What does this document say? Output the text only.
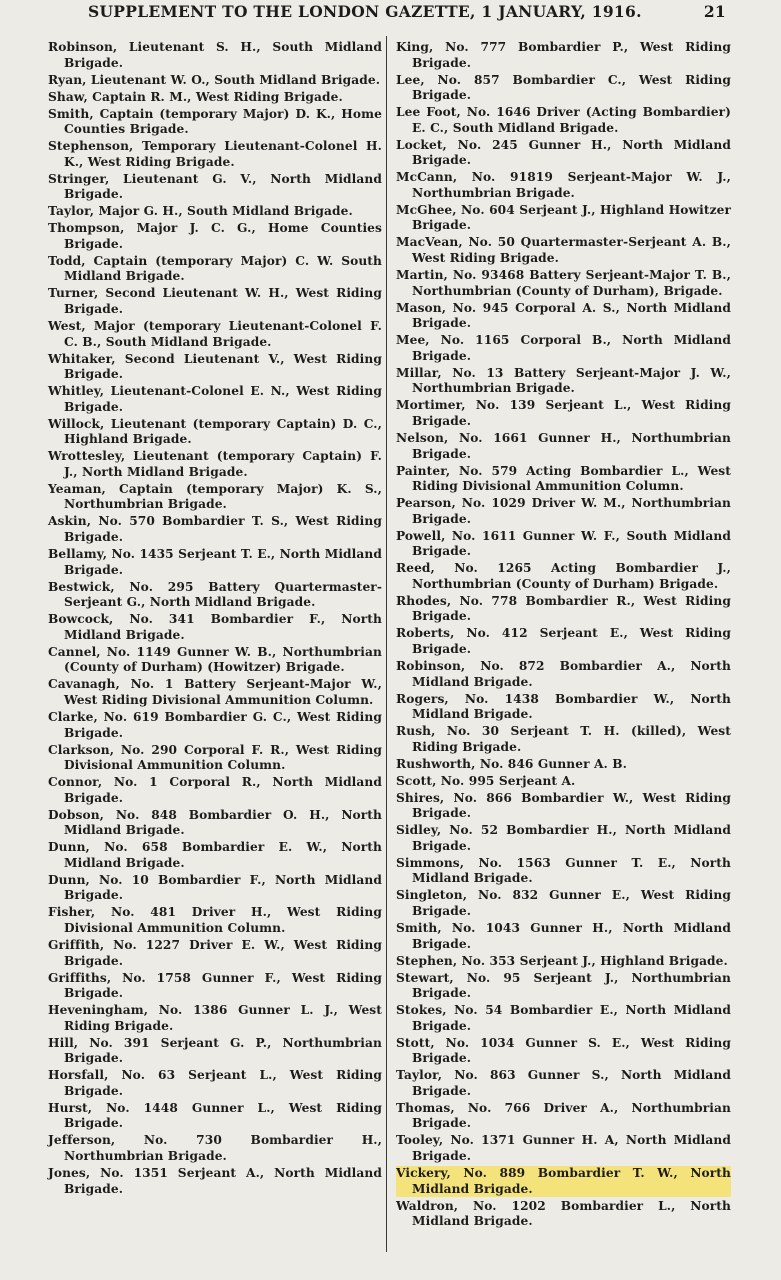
SUPPLEMENT TO THE LONDON GAZETTE, 1 JANUARY, 1916.	21
Robinson, Lieutenant S. H., South Midland Brigade.
Ryan, Lieutenant W. O., South Midland Brigade.
Shaw, Captain R. M., West Riding Brigade.
Smith, Captain (temporary Major) D. K., Home Counties Brigade.
Stephenson, Temporary Lieutenant-Colonel H. K., West Riding Brigade.
Stringer, Lieutenant G. V., North Midland Brigade.
Taylor, Major G. H., South Midland Brigade.
Thompson, Major J. C. G., Home Counties Brigade.
Todd, Captain (temporary Major) C. W. South Midland Brigade.
Turner, Second Lieutenant W. H., West Riding Brigade.
West, Major (temporary Lieutenant-Colonel F. C. B., South Midland Brigade.
Whitaker, Second Lieutenant V., West Riding Brigade.
Whitley, Lieutenant-Colonel E. N., West Riding Brigade.
Willock, Lieutenant (temporary Captain) D. C., Highland Brigade.
Wrottesley, Lieutenant (temporary Captain) F. J., North Midland Brigade.
Yeaman, Captain (temporary Major) K. S., Northumbrian Brigade.
Askin, No. 570 Bombardier T. S., West Riding Brigade.
Bellamy, No. 1435 Serjeant T. E., North Midland Brigade.
Bestwick, No. 295 Battery Quartermaster-Serjeant G., North Midland Brigade.
Bowcock, No. 341 Bombardier F., North Midland Brigade.
Cannel, No. 1149 Gunner W. B., Northumbrian (County of Durham) (Howitzer) Brigade.
Cavanagh, No. 1 Battery Serjeant-Major W., West Riding Divisional Ammunition Column.
Clarke, No. 619 Bombardier G. C., West Riding Brigade.
Clarkson, No. 290 Corporal F. R., West Riding Divisional Ammunition Column.
Connor, No. 1 Corporal R., North Midland Brigade.
Dobson, No. 848 Bombardier O. H., North Midland Brigade.
Dunn, No. 658 Bombardier E. W., North Midland Brigade.
Dunn, No. 10 Bombardier F., North Midland Brigade.
Fisher, No. 481 Driver H., West Riding Divisional Ammunition Column.
Griffith, No. 1227 Driver E. W., West Riding Brigade.
Griffiths, No. 1758 Gunner F., West Riding Brigade.
Heveningham, No. 1386 Gunner L. J., West Riding Brigade.
Hill, No. 391 Serjeant G. P., Northumbrian Brigade.
Horsfall, No. 63 Serjeant L., West Riding Brigade.
Hurst, No. 1448 Gunner L., West Riding Brigade.
Jefferson, No. 730 Bombardier H., Northumbrian Brigade.
Jones, No. 1351 Serjeant A., North Midland Brigade.
King, No. 777 Bombardier P., West Riding Brigade.
Lee, No. 857 Bombardier C., West Riding Brigade.
Lee Foot, No. 1646 Driver (Acting Bombardier) E. C., South Midland Brigade.
Locket, No. 245 Gunner H., North Midland Brigade.
McCann, No. 91819 Serjeant-Major W. J., Northumbrian Brigade.
McGhee, No. 604 Serjeant J., Highland Howitzer Brigade.
MacVean, No. 50 Quartermaster-Serjeant A. B., West Riding Brigade.
Martin, No. 93468 Battery Serjeant-Major T. B., Northumbrian (County of Durham), Brigade.
Mason, No. 945 Corporal A. S., North Midland Brigade.
Mee, No. 1165 Corporal B., North Midland Brigade.
Millar, No. 13 Battery Serjeant-Major J. W., Northumbrian Brigade.
Mortimer, No. 139 Serjeant L., West Riding Brigade.
Nelson, No. 1661 Gunner H., Northumbrian Brigade.
Painter, No. 579 Acting Bombardier L., West Riding Divisional Ammunition Column.
Pearson, No. 1029 Driver W. M., Northumbrian Brigade.
Powell, No. 1611 Gunner W. F., South Midland Brigade.
Reed, No. 1265 Acting Bombardier J., Northumbrian (County of Durham) Brigade.
Rhodes, No. 778 Bombardier R., West Riding Brigade.
Roberts, No. 412 Serjeant E., West Riding Brigade.
Robinson, No. 872 Bombardier A., North Midland Brigade.
Rogers, No. 1438 Bombardier W., North Midland Brigade.
Rush, No. 30 Serjeant T. H. (killed), West Riding Brigade.
Rushworth, No. 846 Gunner A. B.
Scott, No. 995 Serjeant A.
Shires, No. 866 Bombardier W., West Riding Brigade.
Sidley, No. 52 Bombardier H., North Midland Brigade.
Simmons, No. 1563 Gunner T. E., North Midland Brigade.
Singleton, No. 832 Gunner E., West Riding Brigade.
Smith, No. 1043 Gunner H., North Midland Brigade.
Stephen, No. 353 Serjeant J., Highland Brigade.
Stewart, No. 95 Serjeant J., Northumbrian Brigade.
Stokes, No. 54 Bombardier E., North Midland Brigade.
Stott, No. 1034 Gunner S. E., West Riding Brigade.
Taylor, No. 863 Gunner S., North Midland Brigade.
Thomas, No. 766 Driver A., Northumbrian Brigade.
Tooley, No. 1371 Gunner H. A, North Midland Brigade.
Vickery, No. 889 Bombardier T. W., North Midland Brigade.
Waldron, No. 1202 Bombardier L., North Midland Brigade.
